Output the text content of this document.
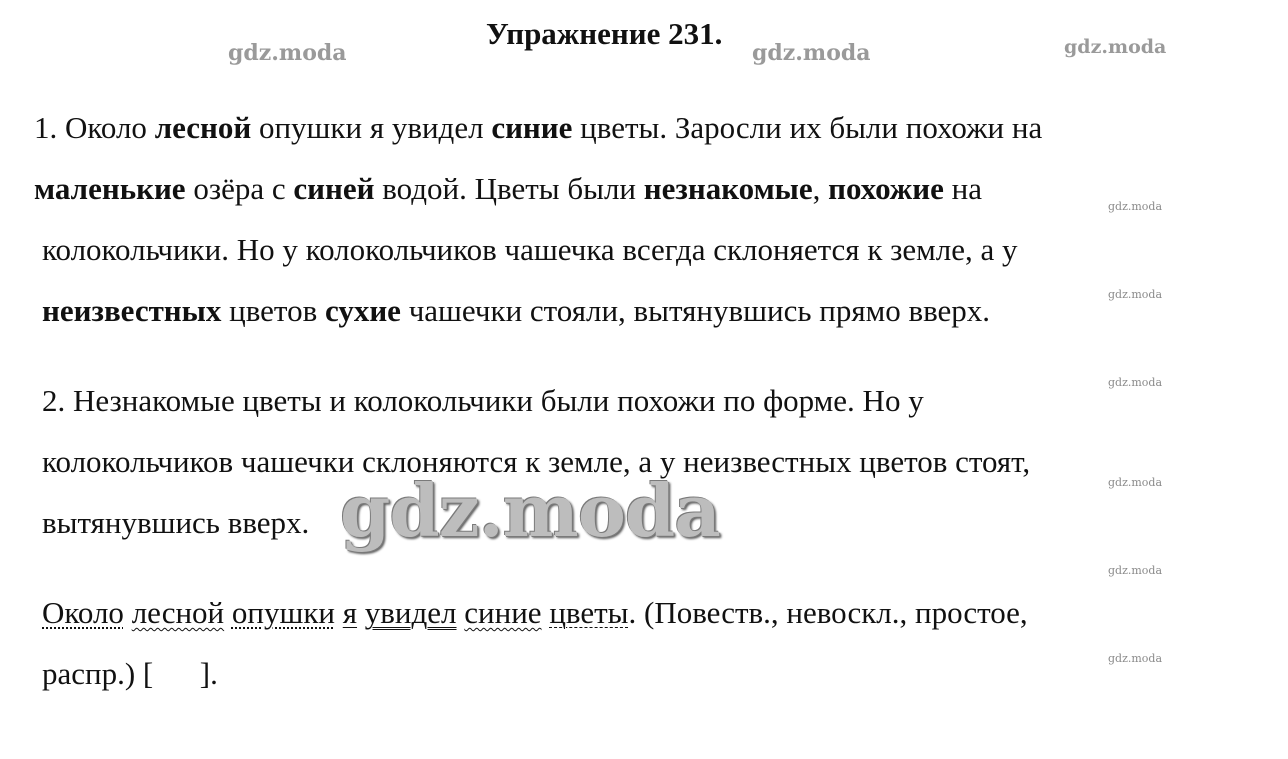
Упражнение 231.
gdz.moda	gdz.moda	gdz.moda
gdz.moda
gdz.moda
gdz.moda
gdz.moda
gdz.moda
gdz.moda
1. Около лесной опушки я увидел синие цветы. Заросли их были похожи на
маленькие озёра с синей водой. Цветы были незнакомые, похожие на
колокольчики. Но у колокольчиков чашечка всегда склоняется к земле, а у
неизвестных цветов сухие чашечки стояли, вытянувшись прямо вверх.
2. Незнакомые цветы и колокольчики были похожи по форме. Но у
колокольчиков чашечки склоняются к земле, а у неизвестных цветов стоят,
вытянувшись вверх. gdz.moda
Около лесной опушки я увидел синие цветы. (Повеств., невоскл., простое,
распр.) [      ].
